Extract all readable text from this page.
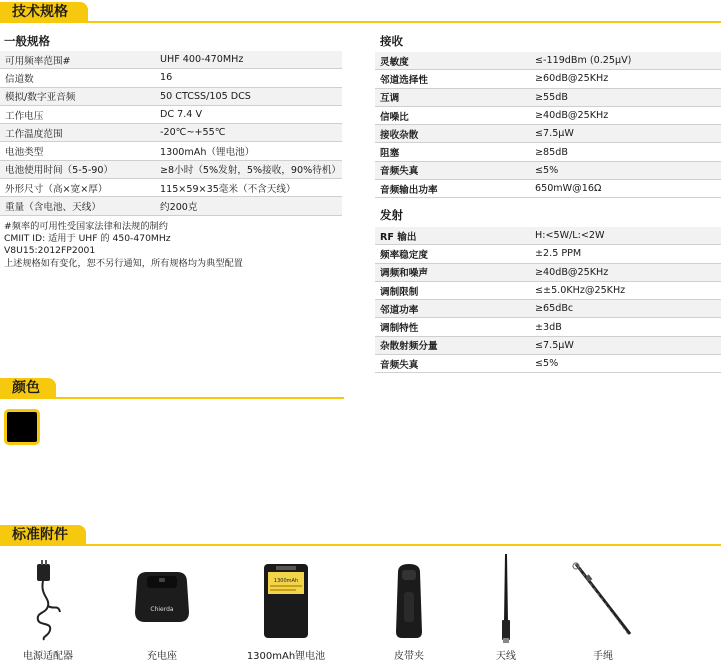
技术规格
一般规格
可用频率范围#	UHF 400-470MHz
信道数	16
模拟/数字亚音频	50 CTCSS/105 DCS
工作电压	DC 7.4 V
工作温度范围	-20℃~+55℃
电池类型	1300mAh（锂电池）
电池使用时间（5-5-90）	≥8小时（5%发射，5%接收，90%待机）
外形尺寸（高×宽×厚）	115×59×35毫米（不含天线）
重量（含电池、天线）	约200克
#频率的可用性受国家法律和法规的制约
CMIIT ID: 适用于 UHF 的 450-470MHz
V8U15:2012FP2001
上述规格如有变化，恕不另行通知，所有规格均为典型配置
接收
灵敏度	≤-119dBm (0.25μV)
邻道选择性	≥60dB@25KHz
互调	≥55dB
信噪比	≥40dB@25KHz
接收杂散	≤7.5μW
阻塞	≥85dB
音频失真	≤5%
音频输出功率	650mW@16Ω
发射
RF 输出	H:<5W/L:<2W
频率稳定度	±2.5 PPM
调频和噪声	≥40dB@25KHz
调制限制	≤±5.0KHz@25KHz
邻道功率	≥65dBc
调制特性	±3dB
杂散射频分量	≤7.5μW
音频失真	≤5%
颜色
标准附件
Chierda
1300mAh
电源适配器	充电座	1300mAh锂电池	皮带夹	天线	手绳
